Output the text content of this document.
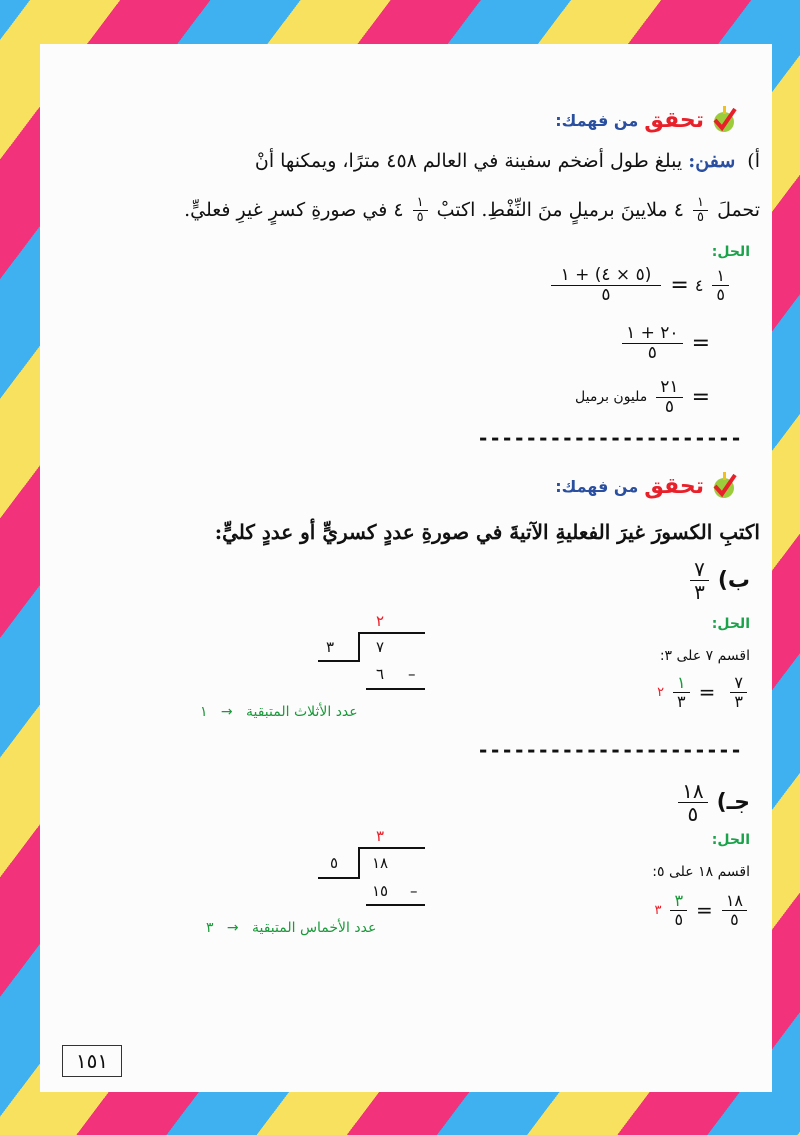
تحقق
من فهمك:
أ) سفن: يبلغ طول أضخم سفينة في العالم ٤٥٨ مترًا، ويمكنها أنْ
تحملَ
$\frac{١}{٥}$
٤ ملايينَ برميلٍ منَ النِّفْطِ. اكتبْ
$\frac{١}{٥}$
٤ في صورةِ كسرٍ غيرِ فعليٍّ.
الحل:
$\frac{١}{٥}$
٤
=
$\frac{(٥ \times ٤) + ١}{٥}$
=
$\frac{٢٠ + ١}{٥}$
=
$\frac{٢١}{٥}$
مليون برميل
----------------------
تحقق
من فهمك:
اكتبِ الكسورَ غيرَ الفعليةِ الآتيةَ في صورةِ عددٍ كسريٍّ أو عددٍ كليٍّ:
ب)
$\frac{٧}{٣}$
الحل:
اقسم ٧ على ٣:
$\frac{٧}{٣}$
=
$\frac{١}{٣}$
٢
٢
٣	٧
٦ –
عدد الأثلاث المتبقية   →   ١
----------------------
جـ)
$\frac{١٨}{٥}$
الحل:
اقسم ١٨ على ٥:
$\frac{١٨}{٥}$
=
$\frac{٣}{٥}$
٣
٣
٥ ١٨
١٥ –
عدد الأخماس المتبقية   →   ٣
١٥١
